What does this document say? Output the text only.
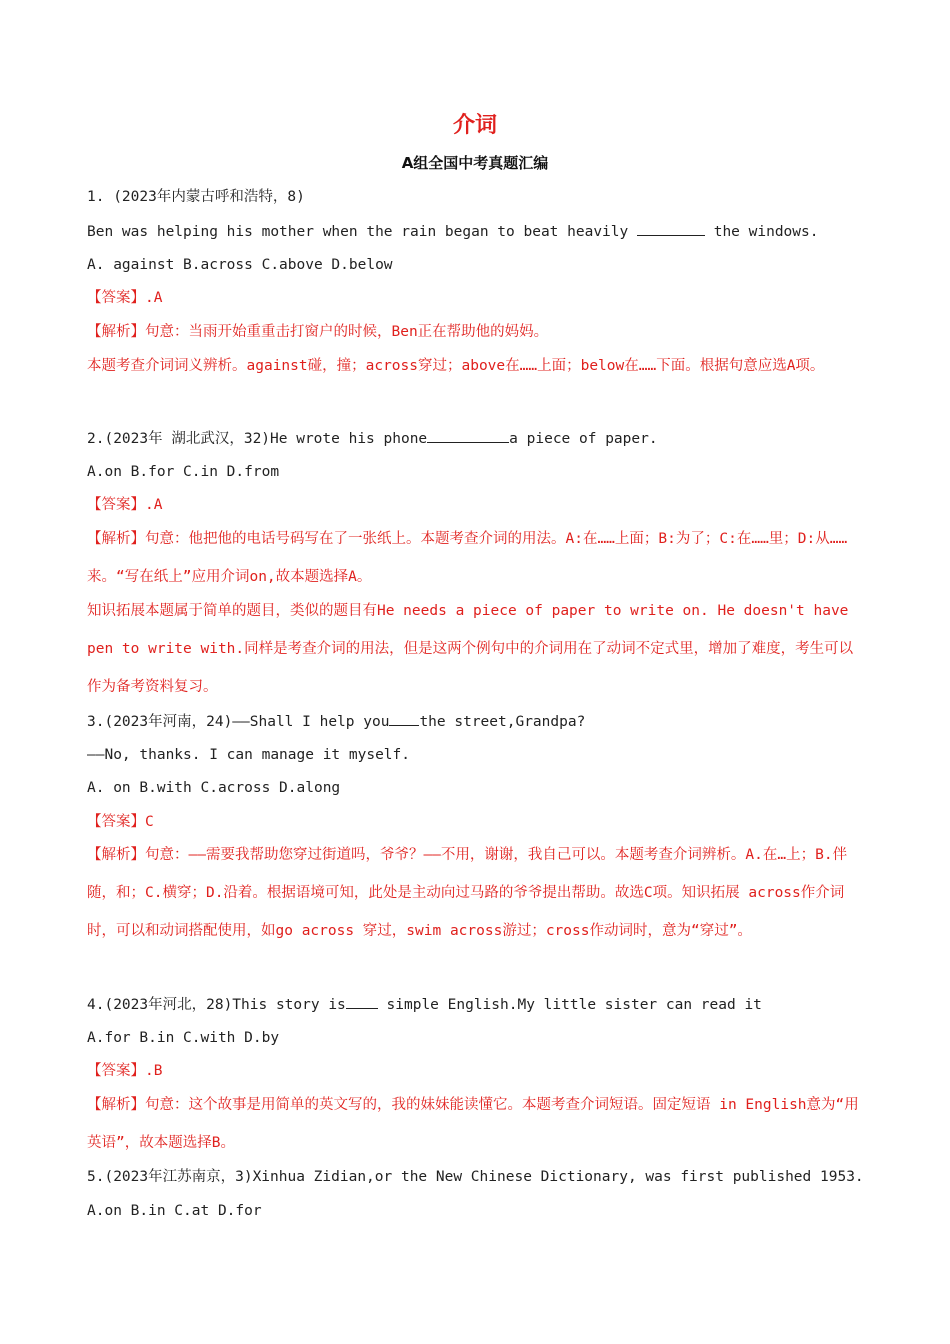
介词
A组全国中考真题汇编
1. (2023年内蒙古呼和浩特，8)
Ben was helping his mother when the rain began to beat heavily	the windows.
A. against B.across C.above D.below
【答案】.A
【解析】句意：当雨开始重重击打窗户的时候，Ben正在帮助他的妈妈。
本题考查介词词义辨析。against碰，撞；across穿过；above在……上面；below在……下面。根据句意应选A项。
2.(2023年 湖北武汉，32)He wrote his phone	a piece of paper.
A.on B.for C.in D.from
【答案】.A
【解析】句意：他把他的电话号码写在了一张纸上。本题考查介词的用法。A:在……上面；B:为了；C:在……里；D:从……来。“写在纸上”应用介词on,故本题选择A。
知识拓展本题属于简单的题目，类似的题目有He needs a piece of paper to write on. He doesn't have pen to write with.同样是考查介词的用法，但是这两个例句中的介词用在了动词不定式里，增加了难度，考生可以作为备考资料复习。
3.(2023年河南，24)——Shall I help you the street,Grandpa?
——No, thanks. I can manage it myself.
A. on B.with C.across D.along
【答案】C
【解析】句意：——需要我帮助您穿过街道吗，爷爷？——不用，谢谢，我自己可以。本题考查介词辨析。A.在…上；B.伴随，和；C.横穿；D.沿着。根据语境可知，此处是主动向过马路的爷爷提出帮助。故选C项。知识拓展 across作介词时，可以和动词搭配使用，如go across 穿过，swim across游过；cross作动词时，意为“穿过”。
4.(2023年河北，28)This story is	simple English.My little sister can read it
A.for B.in C.with D.by
【答案】.B
【解析】句意：这个故事是用简单的英文写的，我的妹妹能读懂它。本题考查介词短语。固定短语 in English意为“用英语”，故本题选择B。
5.(2023年江苏南京，3)Xinhua Zidian,or the New Chinese Dictionary, was first published 1953.
A.on B.in C.at D.for
